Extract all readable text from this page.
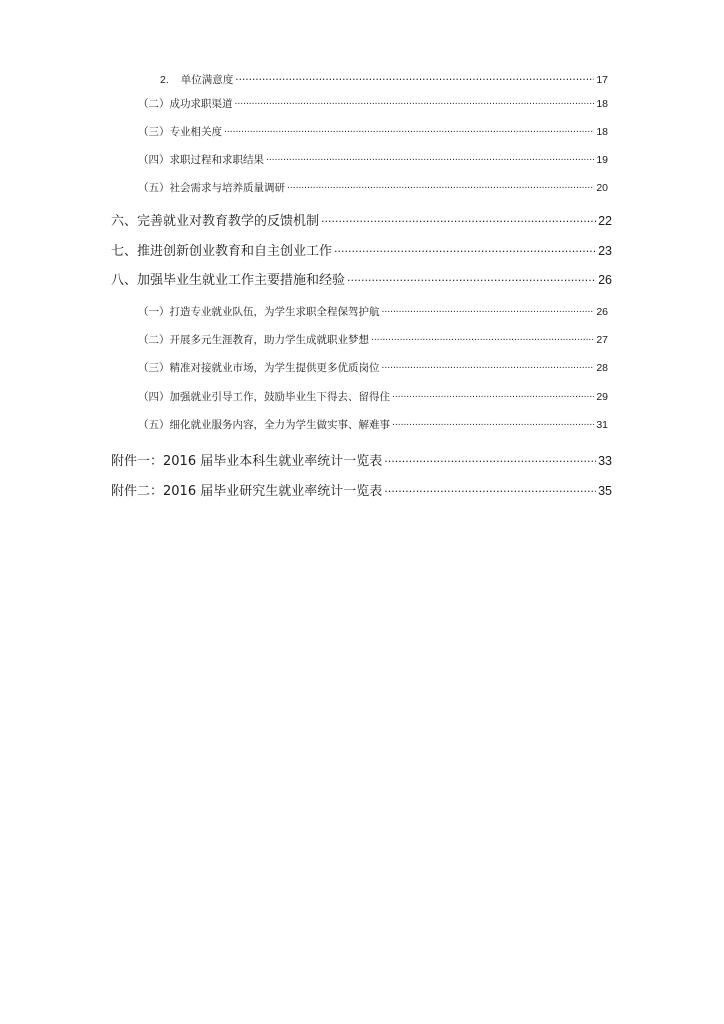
2. 单位满意度 .....	17
（二）成功求职渠道 .....	18
（三）专业相关度 .....	18
（四）求职过程和求职结果 .....	19
（五）社会需求与培养质量调研 .....	20
六、完善就业对教育教学的反馈机制 .....	22
七、推进创新创业教育和自主创业工作 .....	23
八、加强毕业生就业工作主要措施和经验 .....	26
（一）打造专业就业队伍，为学生求职全程保驾护航 .....	26
（二）开展多元生涯教育，助力学生成就职业梦想 .....	27
（三）精准对接就业市场，为学生提供更多优质岗位 .....	28
（四）加强就业引导工作，鼓励毕业生下得去、留得住 .....	29
（五）细化就业服务内容，全力为学生做实事、解难事 .....	31
附件一：2016 届毕业本科生就业率统计一览表 .....	33
附件二：2016 届毕业研究生就业率统计一览表 .....	35
